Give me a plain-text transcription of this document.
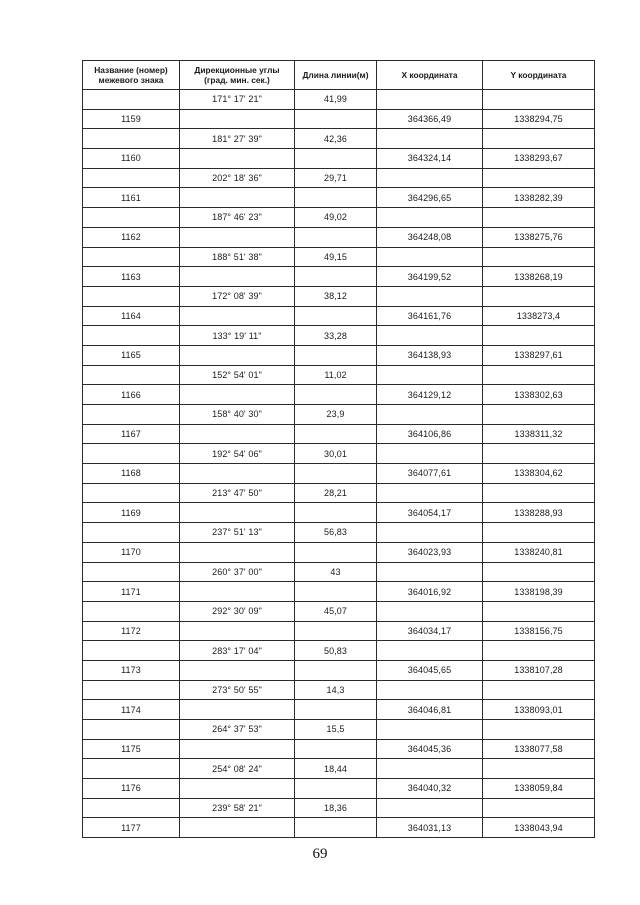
Название (номер) межевого знака	Дирекционные углы (град. мин. сек.)	Длина линии(м)	X координата	Y координата
	171° 17' 21"	41,99		
1159			364366,49	1338294,75
	181° 27' 39"	42,36		
1160			364324,14	1338293,67
	202° 18' 36"	29,71		
1161			364296,65	1338282,39
	187° 46' 23"	49,02		
1162			364248,08	1338275,76
	188° 51' 38"	49,15		
1163			364199,52	1338268,19
	172° 08' 39"	38,12		
1164			364161,76	1338273,4
	133° 19' 11"	33,28		
1165			364138,93	1338297,61
	152° 54' 01"	11,02		
1166			364129,12	1338302,63
	158° 40' 30"	23,9		
1167			364106,86	1338311,32
	192° 54' 06"	30,01		
1168			364077,61	1338304,62
	213° 47' 50"	28,21		
1169			364054,17	1338288,93
	237° 51' 13"	56,83		
1170			364023,93	1338240,81
	260° 37' 00"	43		
1171			364016,92	1338198,39
	292° 30' 09"	45,07		
1172			364034,17	1338156,75
	283° 17' 04"	50,83		
1173			364045,65	1338107,28
	273° 50' 55"	14,3		
1174			364046,81	1338093,01
	264° 37' 53"	15,5		
1175			364045,36	1338077,58
	254° 08' 24"	18,44		
1176			364040,32	1338059,84
	239° 58' 21"	18,36		
1177			364031,13	1338043,94
69
